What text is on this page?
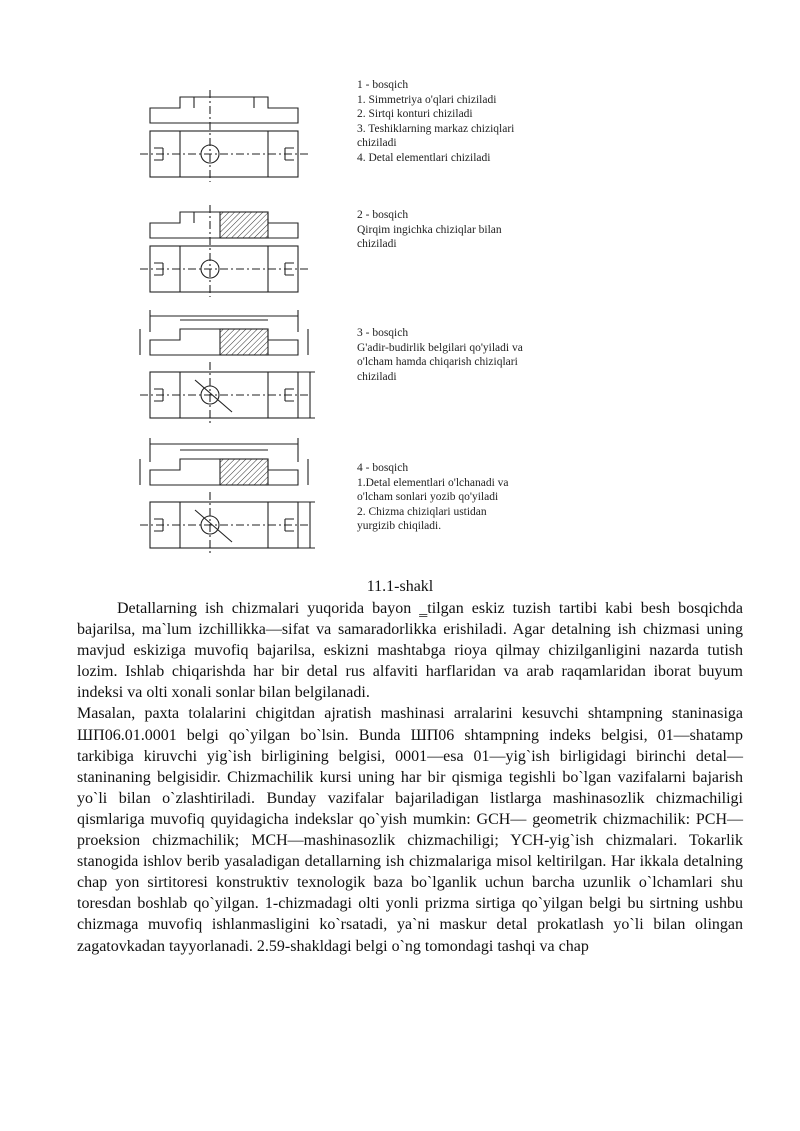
1 - bosqich
1. Simmetriya o'qlari chiziladi
2. Sirtqi konturi chiziladi
3. Teshiklarning markaz chiziqlari
chiziladi
4. Detal elementlari chiziladi
2 - bosqich
Qirqim ingichka chiziqlar bilan
chiziladi
3 - bosqich
G'adir-budirlik belgilari qo'yiladi va
o'lcham hamda chiqarish chiziqlari
chiziladi
4 - bosqich
1.Detal elementlari o'lchanadi va
o'lcham sonlari yozib qo'yiladi
2. Chizma chiziqlari ustidan
yurgizib chiqiladi.
11.1-shakl

Detallarning ish chizmalari yuqorida bayon ‗tilgan eskiz tuzish tartibi kabi besh bosqichda bajarilsa, ma`lum izchillikka—sifat va samaradorlikka erishiladi. Agar detalning ish chizmasi uning mavjud eskiziga muvofiq bajarilsa, eskizni mashtabga rioya qilmay chizilganligini nazarda tutish lozim. Ishlab chiqarishda har bir detal rus alfaviti harflaridan va arab raqamlaridan iborat buyum indeksi va olti xonali sonlar bilan belgilanadi.

Masalan, paxta tolalarini chigitdan ajratish mashinasi arralarini kesuvchi shtampning staninasiga ШП06.01.0001 belgi qo`yilgan bo`lsin. Bunda ШП06 shtampning indeks belgisi, 01—shatamp tarkibiga kiruvchi yig`ish birligining belgisi, 0001—esa 01—yig`ish birligidagi birinchi detal—staninaning belgisidir. Chizmachilik kursi uning har bir qismiga tegishli bo`lgan vazifalarni bajarish yo`li bilan o`zlashtiriladi. Bunday vazifalar bajariladigan listlarga mashinasozlik chizmachiligi qismlariga muvofiq quyidagicha indekslar qo`yish mumkin: GCH— geometrik chizmachilik: PCH—proeksion chizmachilik; MCH—mashinasozlik chizmachiligi; YCH-yig`ish chizmalari. Tokarlik stanogida ishlov berib yasaladigan detallarning ish chizmalariga misol keltirilgan. Har ikkala detalning chap yon sirtitoresi konstruktiv texnologik baza bo`lganlik uchun barcha uzunlik o`lchamlari shu toresdan boshlab qo`yilgan. 1-chizmadagi olti yonli prizma sirtiga qo`yilgan belgi bu sirtning ushbu chizmaga muvofiq ishlanmasligini ko`rsatadi, ya`ni maskur detal prokatlash yo`li bilan olingan zagatovkadan tayyorlanadi. 2.59-shakldagi belgi o`ng tomondagi tashqi va chap
